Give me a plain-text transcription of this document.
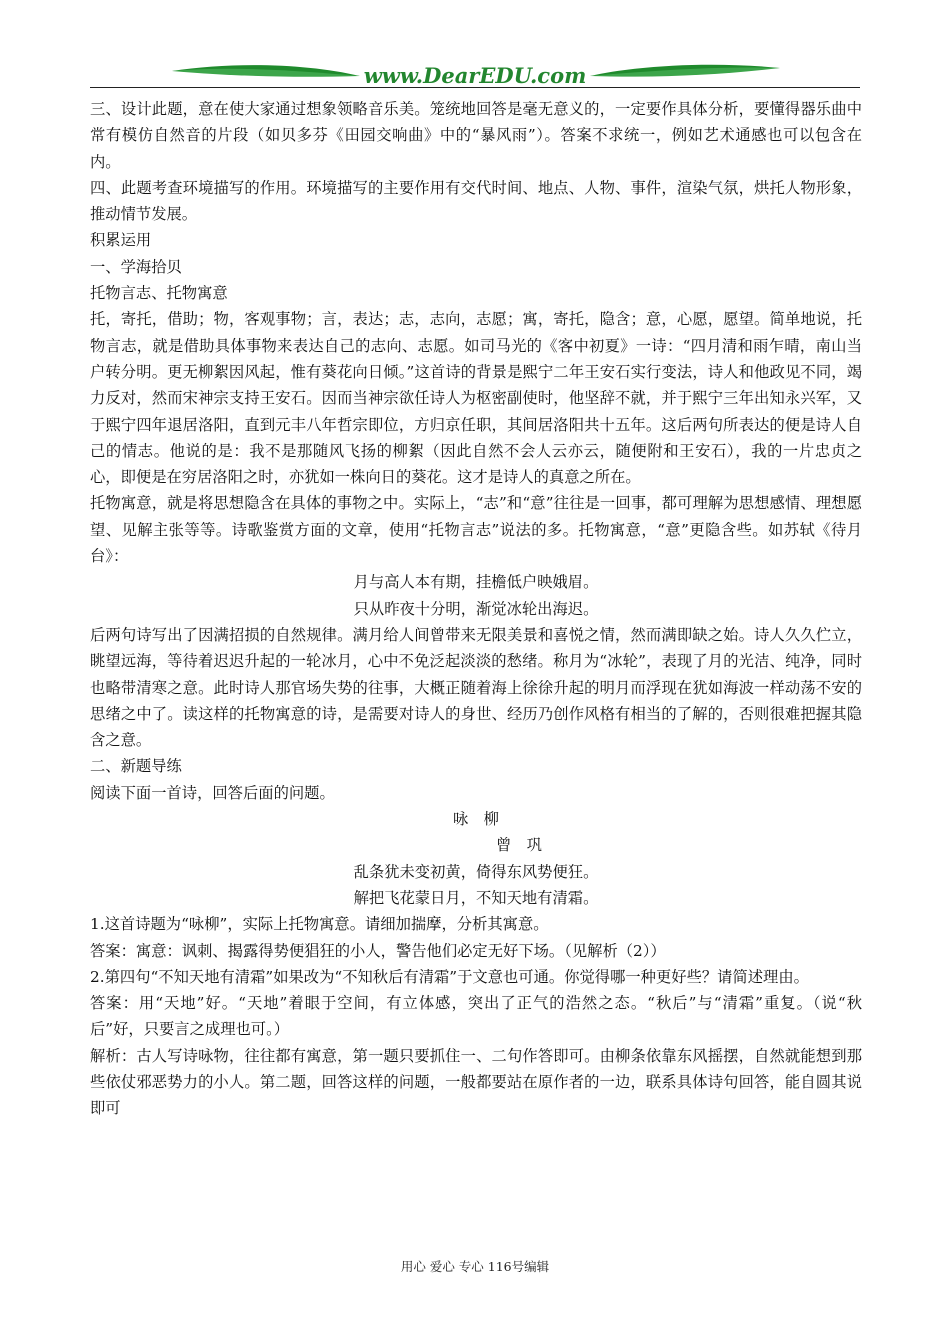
www.DearEDU.com

三、设计此题，意在使大家通过想象领略音乐美。笼统地回答是毫无意义的，一定要作具体分析，要懂得器乐曲中常有模仿自然音的片段（如贝多芬《田园交响曲》中的“暴风雨”）。答案不求统一，例如艺术通感也可以包含在内。

四、此题考查环境描写的作用。环境描写的主要作用有交代时间、地点、人物、事件，渲染气氛，烘托人物形象，推动情节发展。

积累运用

一、学海拾贝

托物言志、托物寓意

托，寄托，借助；物，客观事物；言，表达；志，志向，志愿；寓，寄托，隐含；意，心愿，愿望。简单地说，托物言志，就是借助具体事物来表达自己的志向、志愿。如司马光的《客中初夏》一诗：“四月清和雨乍晴，南山当户转分明。更无柳絮因风起，惟有葵花向日倾。”这首诗的背景是熙宁二年王安石实行变法，诗人和他政见不同，竭力反对，然而宋神宗支持王安石。因而当神宗欲任诗人为枢密副使时，他坚辞不就，并于熙宁三年出知永兴军，又于熙宁四年退居洛阳，直到元丰八年哲宗即位，方归京任职，其间居洛阳共十五年。这后两句所表达的便是诗人自己的情志。他说的是：我不是那随风飞扬的柳絮（因此自然不会人云亦云，随便附和王安石），我的一片忠贞之心，即便是在穷居洛阳之时，亦犹如一株向日的葵花。这才是诗人的真意之所在。

托物寓意，就是将思想隐含在具体的事物之中。实际上，“志”和“意”往往是一回事，都可理解为思想感情、理想愿望、见解主张等等。诗歌鉴赏方面的文章，使用“托物言志”说法的多。托物寓意，“意”更隐含些。如苏轼《待月台》：

月与高人本有期，挂檐低户映娥眉。

只从昨夜十分明，渐觉冰轮出海迟。

后两句诗写出了因满招损的自然规律。满月给人间曾带来无限美景和喜悦之情，然而满即缺之始。诗人久久伫立，眺望远海，等待着迟迟升起的一轮冰月，心中不免泛起淡淡的愁绪。称月为“冰轮”，表现了月的光洁、纯净，同时也略带清寒之意。此时诗人那官场失势的往事，大概正随着海上徐徐升起的明月而浮现在犹如海波一样动荡不安的思绪之中了。读这样的托物寓意的诗，是需要对诗人的身世、经历乃创作风格有相当的了解的，否则很难把握其隐含之意。

二、新题导练

阅读下面一首诗，回答后面的问题。

咏　柳

曾　巩

乱条犹未变初黄，倚得东风势便狂。

解把飞花蒙日月，不知天地有清霜。

1.这首诗题为“咏柳”，实际上托物寓意。请细加揣摩，分析其寓意。

答案：寓意：讽刺、揭露得势便猖狂的小人，警告他们必定无好下场。（见解析（2））

2.第四句“不知天地有清霜”如果改为“不知秋后有清霜”于文意也可通。你觉得哪一种更好些？请简述理由。

答案：用“天地”好。“天地”着眼于空间，有立体感，突出了正气的浩然之态。“秋后”与“清霜”重复。（说“秋后”好，只要言之成理也可。）

解析：古人写诗咏物，往往都有寓意，第一题只要抓住一、二句作答即可。由柳条依靠东风摇摆，自然就能想到那些依仗邪恶势力的小人。第二题，回答这样的问题，一般都要站在原作者的一边，联系具体诗句回答，能自圆其说即可

用心 爱心 专心 116号编辑
